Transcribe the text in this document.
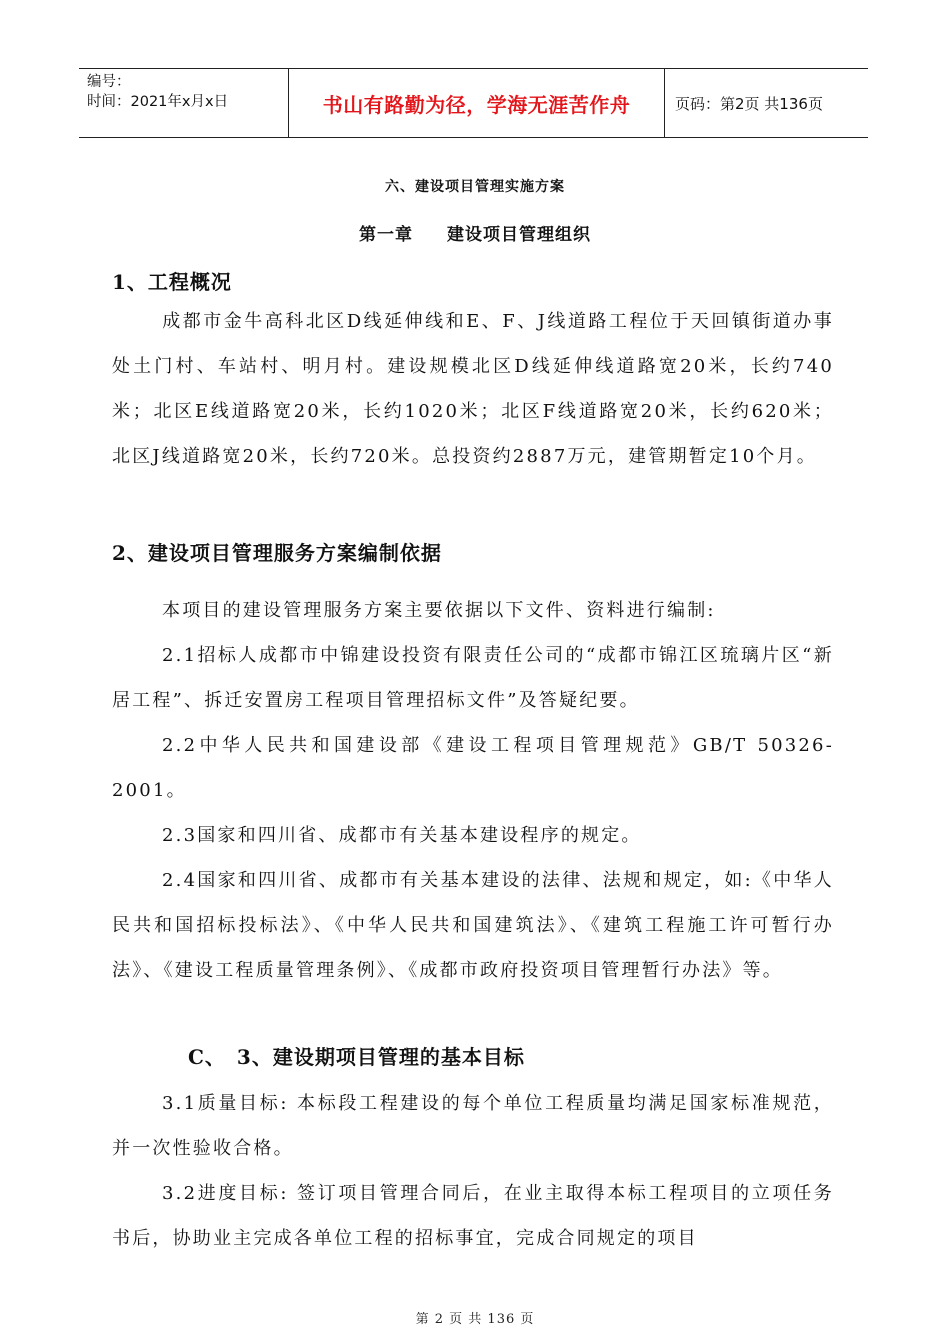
编号：
时间：2021年x月x日	书山有路勤为径，学海无涯苦作舟	页码：第2页 共136页
六、建设项目管理实施方案
第一章 建设项目管理组织
1、工程概况
成都市金牛高科北区D线延伸线和E、F、J线道路工程位于天回镇街道办事处土门村、车站村、明月村。建设规模北区D线延伸线道路宽20米，长约740米；北区E线道路宽20米，长约1020米；北区F线道路宽20米，长约620米；北区J线道路宽20米，长约720米。总投资约2887万元，建管期暂定10个月。
2、建设项目管理服务方案编制依据
本项目的建设管理服务方案主要依据以下文件、资料进行编制:
2.1招标人成都市中锦建设投资有限责任公司的“成都市锦江区琉璃片区“新居工程”、拆迁安置房工程项目管理招标文件”及答疑纪要。
2.2中华人民共和国建设部《建设工程项目管理规范》GB/T 50326-2001。
2.3国家和四川省、成都市有关基本建设程序的规定。
2.4国家和四川省、成都市有关基本建设的法律、法规和规定，如:《中华人民共和国招标投标法》、《中华人民共和国建筑法》、《建筑工程施工许可暂行办法》、《建设工程质量管理条例》、《成都市政府投资项目管理暂行办法》等。
C、　3、建设期项目管理的基本目标
3.1质量目标: 本标段工程建设的每个单位工程质量均满足国家标准规范，并一次性验收合格。
3.2进度目标: 签订项目管理合同后，在业主取得本标工程项目的立项任务书后，协助业主完成各单位工程的招标事宜，完成合同规定的项目
第 2 页 共 136 页
